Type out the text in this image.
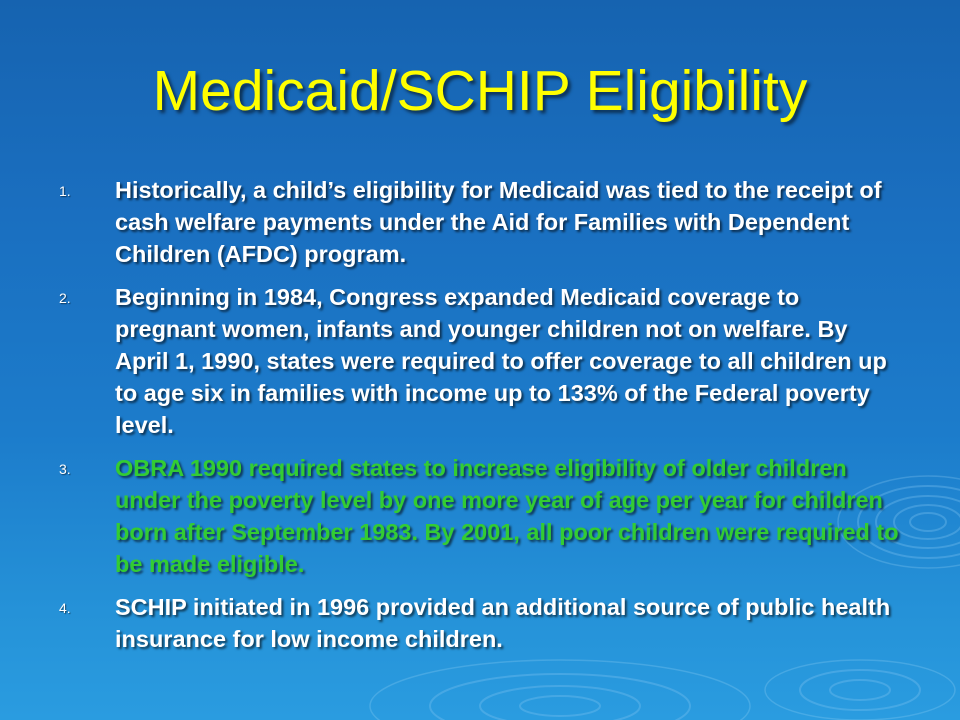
Medicaid/SCHIP Eligibility
1. Historically, a child’s eligibility for Medicaid was tied to the receipt of cash welfare payments under the Aid for Families with Dependent Children (AFDC) program.
2. Beginning in 1984, Congress expanded Medicaid coverage to pregnant women, infants and younger children not on welfare. By April 1, 1990, states were required to offer coverage to all children up to age six in families with income up to 133% of the Federal poverty level.
3. OBRA 1990 required states to increase eligibility of older children under the poverty level by one more year of age per year for children born after September 1983. By 2001, all poor children were required to be made eligible.
4. SCHIP initiated in 1996 provided an additional source of public health insurance for low income children.
